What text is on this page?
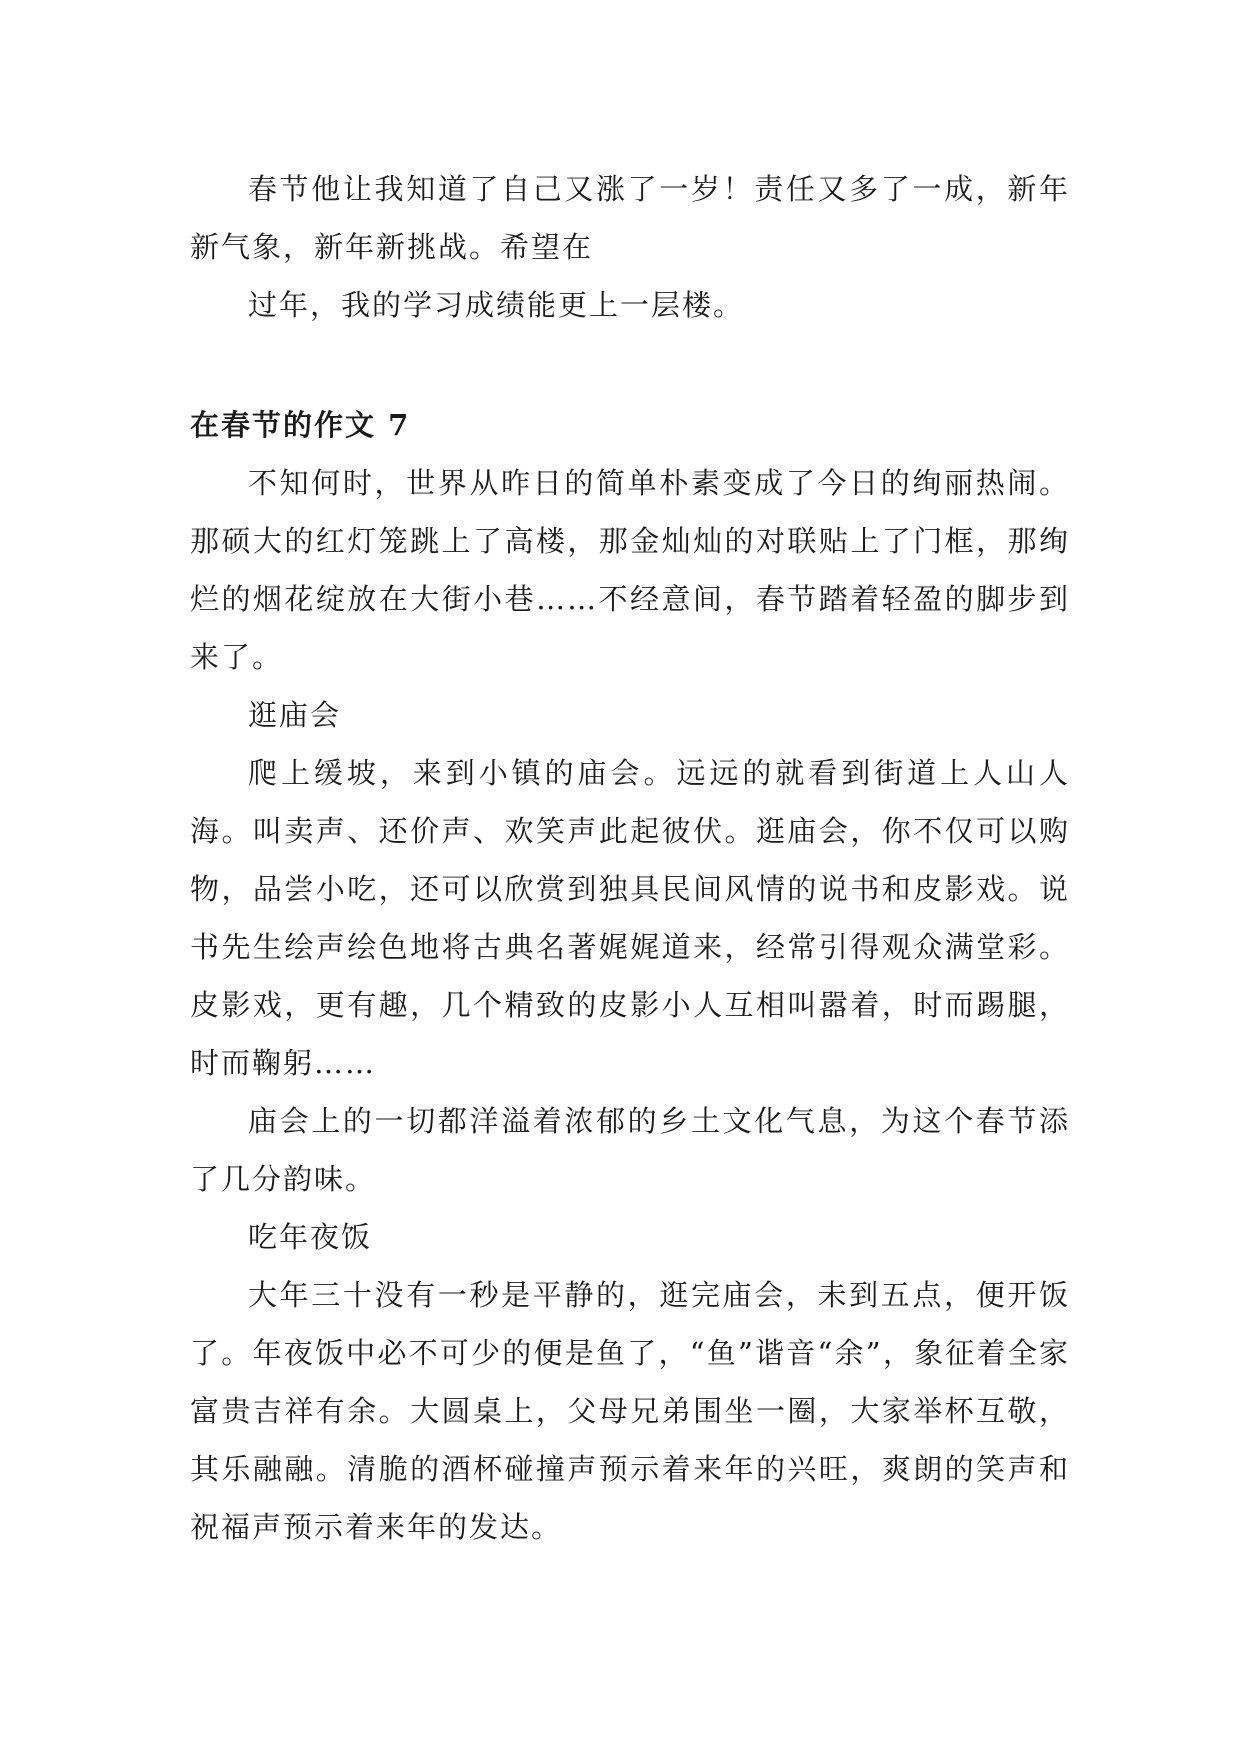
春节他让我知道了自己又涨了一岁！责任又多了一成，新年新气象，新年新挑战。希望在

过年，我的学习成绩能更上一层楼。

在春节的作文 7

不知何时，世界从昨日的简单朴素变成了今日的绚丽热闹。那硕大的红灯笼跳上了高楼，那金灿灿的对联贴上了门框，那绚烂的烟花绽放在大街小巷……不经意间，春节踏着轻盈的脚步到来了。

逛庙会

爬上缓坡，来到小镇的庙会。远远的就看到街道上人山人海。叫卖声、还价声、欢笑声此起彼伏。逛庙会，你不仅可以购物，品尝小吃，还可以欣赏到独具民间风情的说书和皮影戏。说书先生绘声绘色地将古典名著娓娓道来，经常引得观众满堂彩。皮影戏，更有趣，几个精致的皮影小人互相叫嚣着，时而踢腿，时而鞠躬……

庙会上的一切都洋溢着浓郁的乡土文化气息，为这个春节添了几分韵味。

吃年夜饭

大年三十没有一秒是平静的，逛完庙会，未到五点，便开饭了。年夜饭中必不可少的便是鱼了，“鱼”谐音“余”，象征着全家富贵吉祥有余。大圆桌上，父母兄弟围坐一圈，大家举杯互敬，其乐融融。清脆的酒杯碰撞声预示着来年的兴旺，爽朗的笑声和祝福声预示着来年的发达。
